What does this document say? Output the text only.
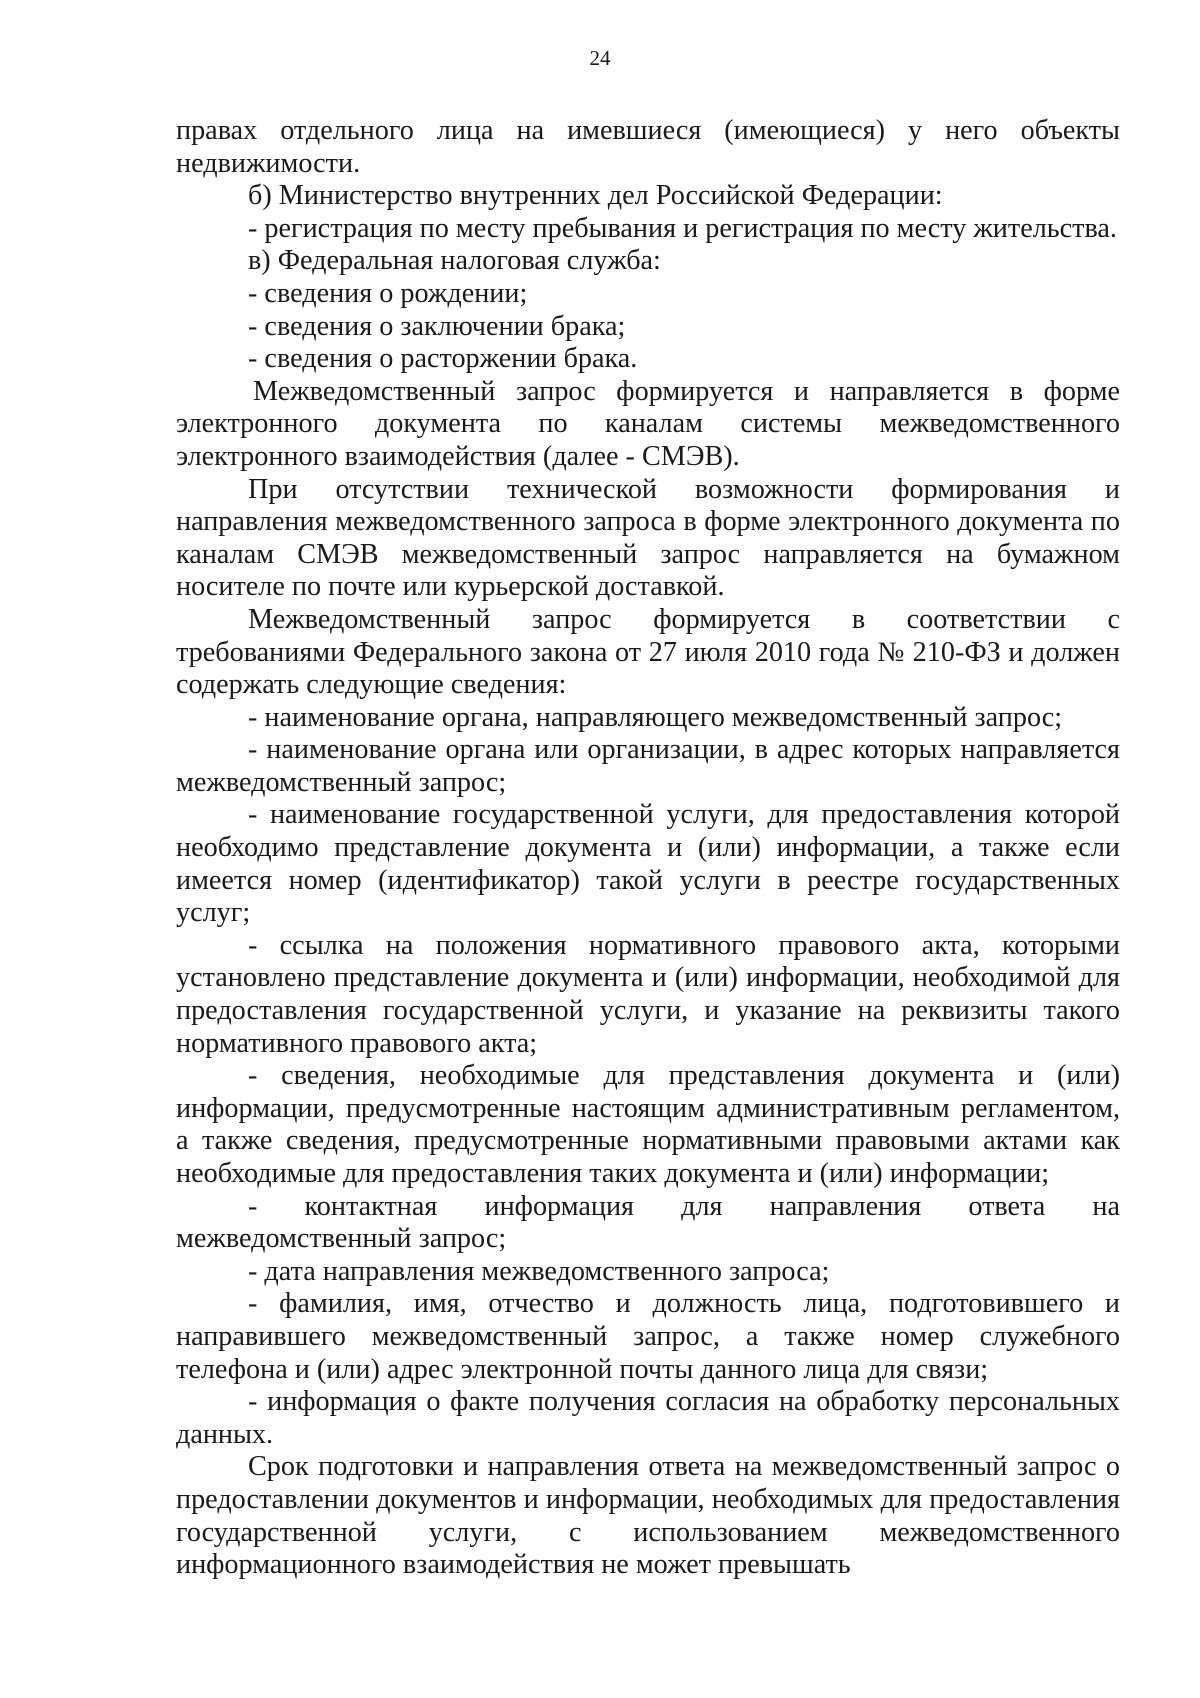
24

правах отдельного лица на имевшиеся (имеющиеся) у него объекты недвижимости.

б) Министерство внутренних дел Российской Федерации:

- регистрация по месту пребывания и регистрация по месту жительства.

в) Федеральная налоговая служба:

- сведения о рождении;

- сведения о заключении брака;

- сведения о расторжении брака.

Межведомственный запрос формируется и направляется в форме электронного документа по каналам системы межведомственного электронного взаимодействия (далее - СМЭВ).

При отсутствии технической возможности формирования и направления межведомственного запроса в форме электронного документа по каналам СМЭВ межведомственный запрос направляется на бумажном носителе по почте или курьерской доставкой.

Межведомственный запрос формируется в соответствии с требованиями Федерального закона от 27 июля 2010 года № 210-ФЗ и должен содержать следующие сведения:

- наименование органа, направляющего межведомственный запрос;

- наименование органа или организации, в адрес которых направляется межведомственный запрос;

- наименование государственной услуги, для предоставления которой необходимо представление документа и (или) информации, а также если имеется номер (идентификатор) такой услуги в реестре государственных услуг;

- ссылка на положения нормативного правового акта, которыми установлено представление документа и (или) информации, необходимой для предоставления государственной услуги, и указание на реквизиты такого нормативного правового акта;

- сведения, необходимые для представления документа и (или) информации, предусмотренные настоящим административным регламентом, а также сведения, предусмотренные нормативными правовыми актами как необходимые для предоставления таких документа и (или) информации;

- контактная информация для направления ответа на межведомственный запрос;

- дата направления межведомственного запроса;

- фамилия, имя, отчество и должность лица, подготовившего и направившего межведомственный запрос, а также номер служебного телефона и (или) адрес электронной почты данного лица для связи;

- информация о факте получения согласия на обработку персональных данных.

Срок подготовки и направления ответа на межведомственный запрос о предоставлении документов и информации, необходимых для предоставления государственной услуги, с использованием межведомственного информационного взаимодействия не может превышать
